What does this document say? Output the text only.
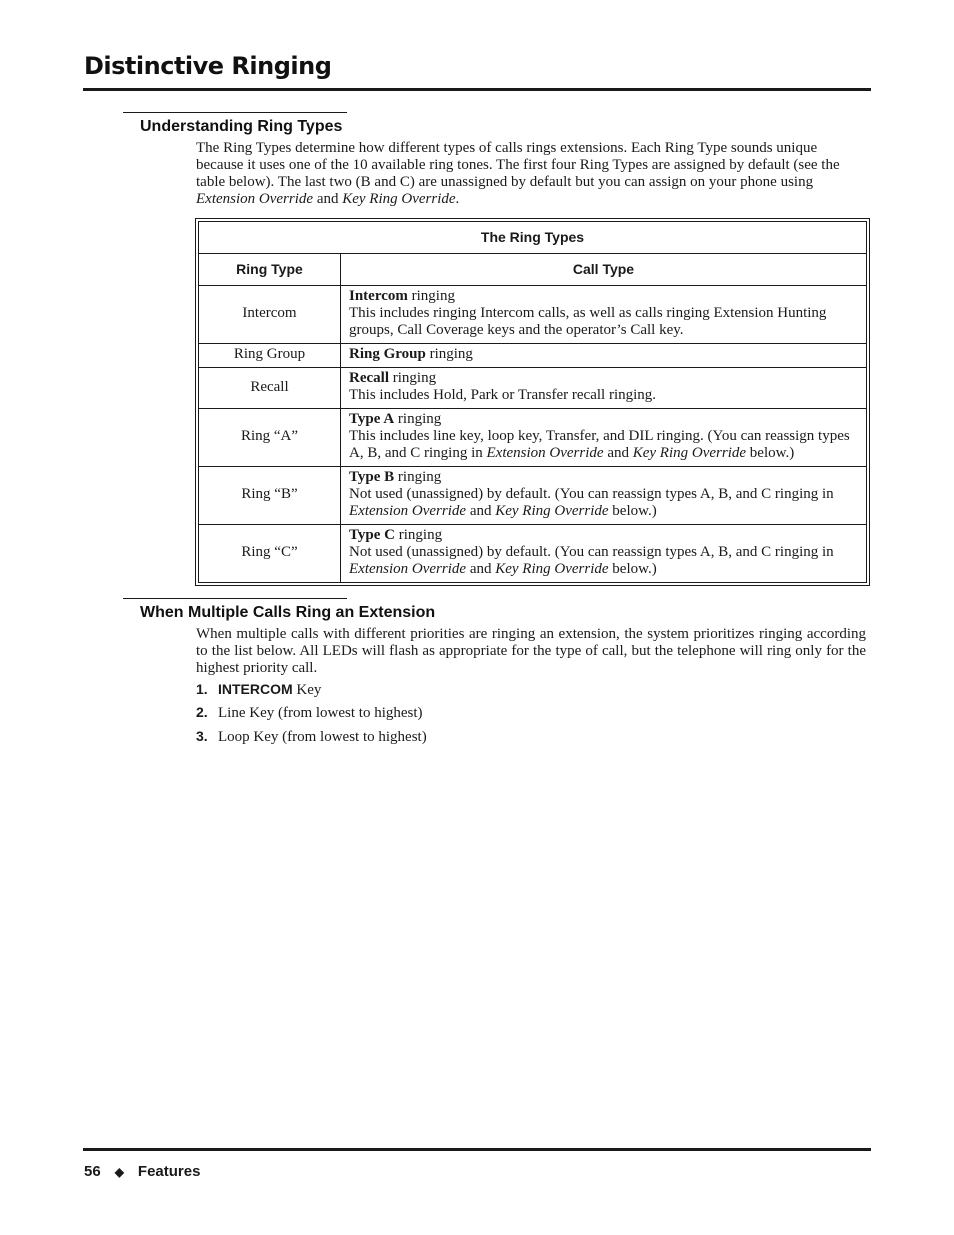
Distinctive Ringing
Understanding Ring Types
The Ring Types determine how different types of calls rings extensions. Each Ring Type sounds unique because it uses one of the 10 available ring tones. The first four Ring Types are assigned by default (see the table below). The last two (B and C) are unassigned by default but you can assign on your phone using Extension Override and Key Ring Override.
The Ring Types	
Ring Type	Call Type
Intercom	Intercom ringing
This includes ringing Intercom calls, as well as calls ringing Extension Hunting groups, Call Coverage keys and the operator’s Call key.
Ring Group	Ring Group ringing
Recall	Recall ringing
This includes Hold, Park or Transfer recall ringing.
Ring “A”	Type A ringing
This includes line key, loop key, Transfer, and DIL ringing. (You can reassign types A, B, and C ringing in Extension Override and Key Ring Override below.)
Ring “B”	Type B ringing
Not used (unassigned) by default. (You can reassign types A, B, and C ringing in Extension Override and Key Ring Override below.)
Ring “C”	Type C ringing
Not used (unassigned) by default. (You can reassign types A, B, and C ringing in Extension Override and Key Ring Override below.)
When Multiple Calls Ring an Extension
When multiple calls with different priorities are ringing an extension, the system prioritizes ringing according to the list below. All LEDs will flash as appropriate for the type of call, but the telephone will ring only for the highest priority call.
1. INTERCOM Key
2. Line Key (from lowest to highest)
3. Loop Key (from lowest to highest)
56 ◆ Features
